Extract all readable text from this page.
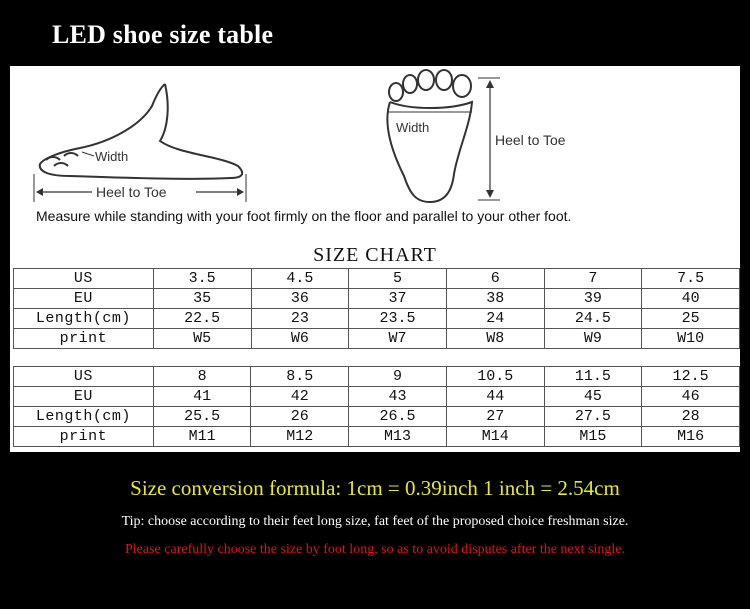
LED shoe size table
Width
Heel to Toe
Width
Heel to Toe
Measure while standing with your foot firmly on the floor and parallel to your other foot.
SIZE CHART
US	3.5	4.5	5	6	7	7.5
EU	35	36	37	38	39	40
Length(cm)	22.5	23	23.5	24	24.5	25
print	W5	W6	W7	W8	W9	W10
US	8	8.5	9	10.5	11.5	12.5
EU	41	42	43	44	45	46
Length(cm)	25.5	26	26.5	27	27.5	28
print	M11	M12	M13	M14	M15	M16
Size conversion formula: 1cm = 0.39inch 1 inch = 2.54cm
Tip: choose according to their feet long size, fat feet of the proposed choice freshman size.
Please carefully choose the size by foot long, so as to avoid disputes after the next single.
